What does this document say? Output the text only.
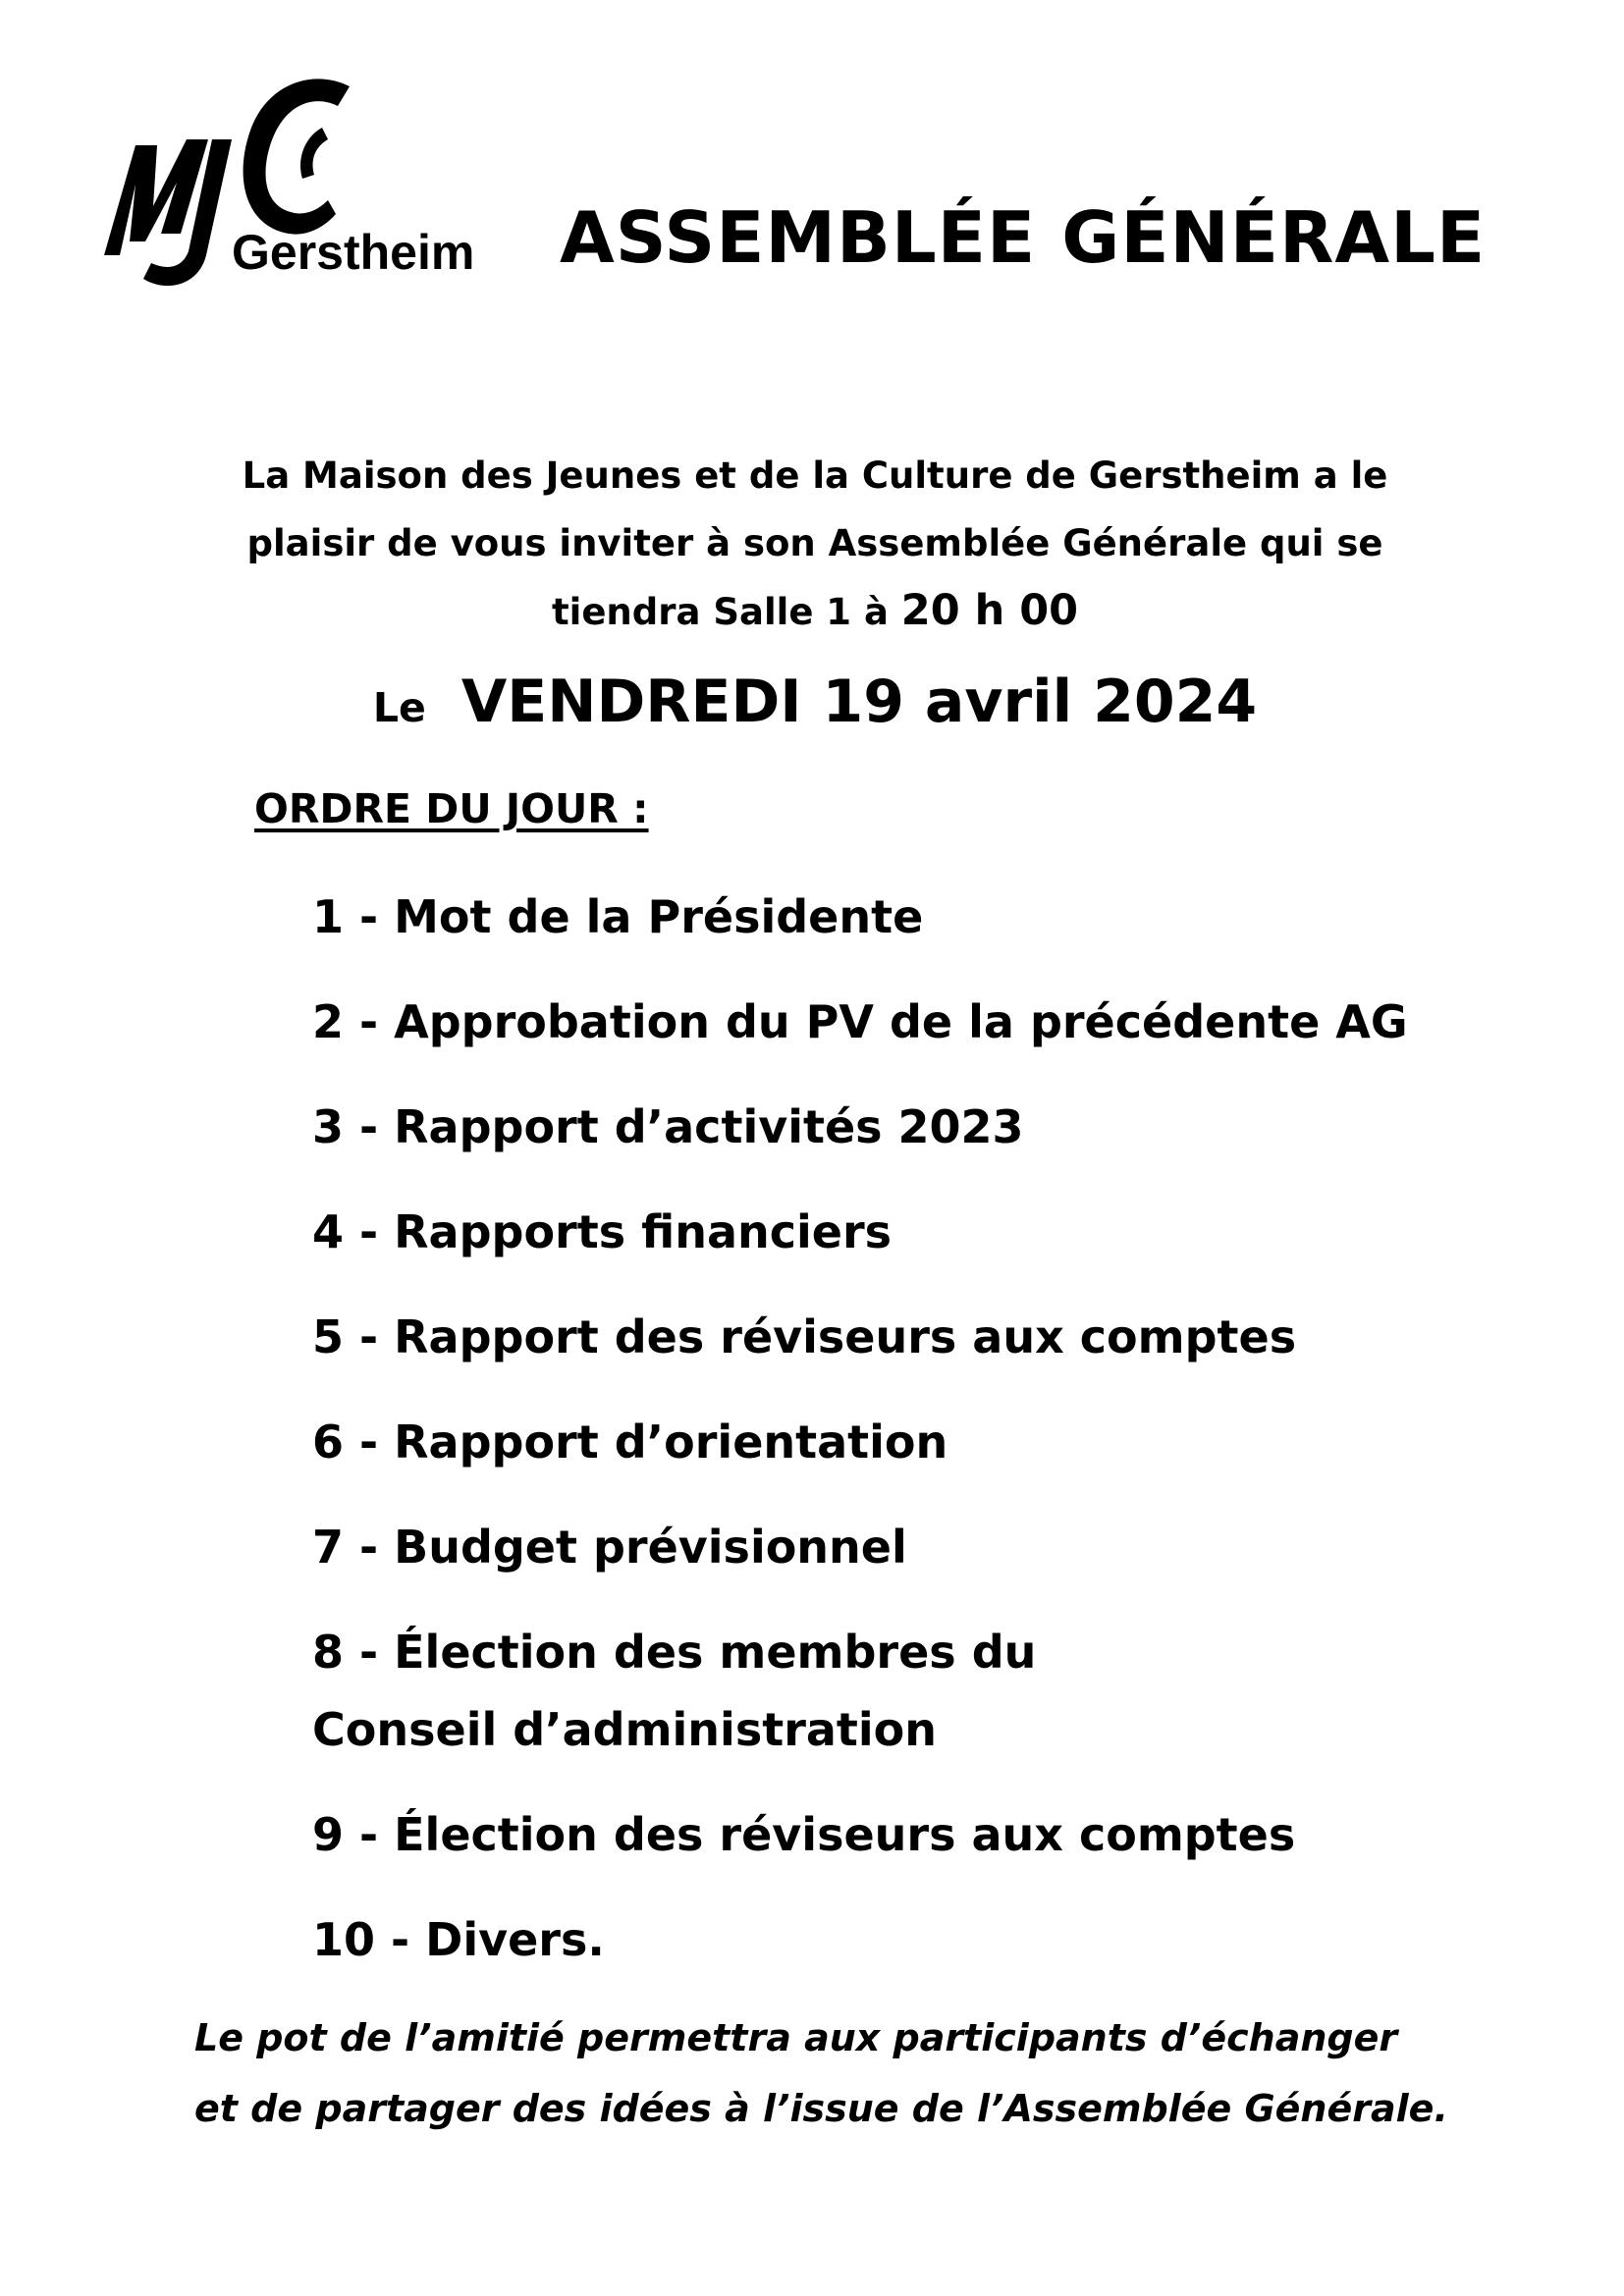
Gerstheim ASSEMBLÉE GÉNÉRALE
La Maison des Jeunes et de la Culture de Gerstheim a le
plaisir de vous inviter à son Assemblée Générale qui se
tiendra Salle 1 à 20 h 00
Le VENDREDI 19 avril 2024
ORDRE DU JOUR :
1 - Mot de la Présidente
2 - Approbation du PV de la précédente AG
3 - Rapport d’activités 2023
4 - Rapports financiers
5 - Rapport des réviseurs aux comptes
6 - Rapport d’orientation
7 - Budget prévisionnel
8 - Élection des membres du Conseil d’administration
9 - Élection des réviseurs aux comptes
10 - Divers.
Le pot de l’amitié permettra aux participants d’échanger
et de partager des idées à l’issue de l’Assemblée Générale.
